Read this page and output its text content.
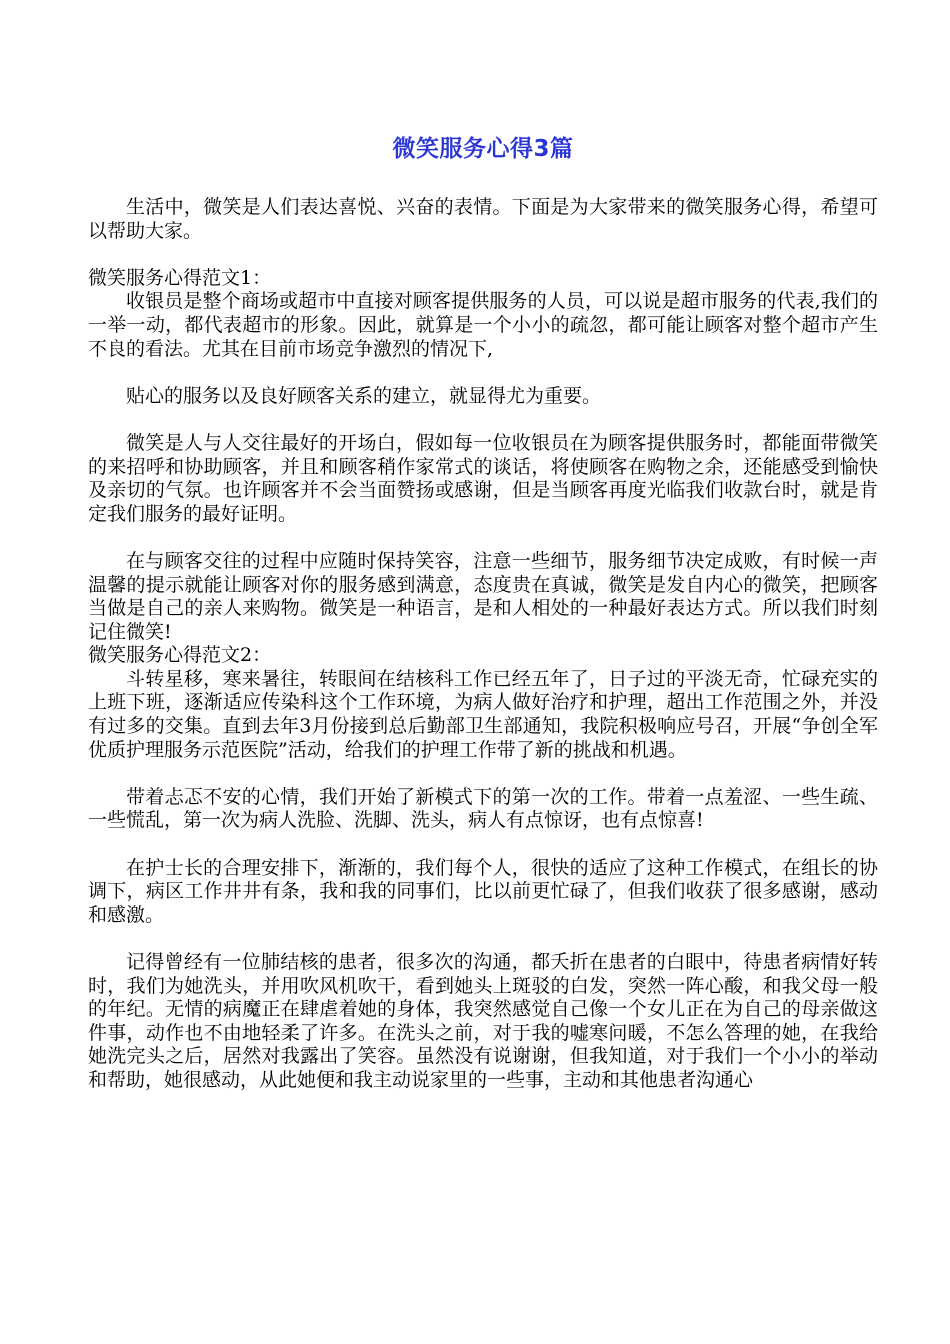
微笑服务心得3篇

生活中，微笑是人们表达喜悦、兴奋的表情。下面是为大家带来的微笑服务心得，希望可以帮助大家。

微笑服务心得范文1：

收银员是整个商场或超市中直接对顾客提供服务的人员，可以说是超市服务的代表,我们的一举一动，都代表超市的形象。因此，就算是一个小小的疏忽，都可能让顾客对整个超市产生不良的看法。尤其在目前市场竞争激烈的情况下,

贴心的服务以及良好顾客关系的建立，就显得尤为重要。

微笑是人与人交往最好的开场白，假如每一位收银员在为顾客提供服务时，都能面带微笑的来招呼和协助顾客，并且和顾客稍作家常式的谈话，将使顾客在购物之余，还能感受到愉快及亲切的气氛。也许顾客并不会当面赞扬或感谢，但是当顾客再度光临我们收款台时，就是肯定我们服务的最好证明。

在与顾客交往的过程中应随时保持笑容，注意一些细节，服务细节决定成败，有时候一声温馨的提示就能让顾客对你的服务感到满意，态度贵在真诚，微笑是发自内心的微笑，把顾客当做是自己的亲人来购物。微笑是一种语言，是和人相处的一种最好表达方式。所以我们时刻记住微笑!

微笑服务心得范文2：

斗转星移，寒来暑往，转眼间在结核科工作已经五年了，日子过的平淡无奇，忙碌充实的上班下班，逐渐适应传染科这个工作环境，为病人做好治疗和护理，超出工作范围之外，并没有过多的交集。直到去年3月份接到总后勤部卫生部通知，我院积极响应号召，开展“争创全军优质护理服务示范医院”活动，给我们的护理工作带了新的挑战和机遇。

带着忐忑不安的心情，我们开始了新模式下的第一次的工作。带着一点羞涩、一些生疏、一些慌乱，第一次为病人洗脸、洗脚、洗头，病人有点惊讶，也有点惊喜!

在护士长的合理安排下，渐渐的，我们每个人，很快的适应了这种工作模式，在组长的协调下，病区工作井井有条，我和我的同事们，比以前更忙碌了，但我们收获了很多感谢，感动和感激。

记得曾经有一位肺结核的患者，很多次的沟通，都夭折在患者的白眼中，待患者病情好转时，我们为她洗头，并用吹风机吹干，看到她头上斑驳的白发，突然一阵心酸，和我父母一般的年纪。无情的病魔正在肆虐着她的身体，我突然感觉自己像一个女儿正在为自己的母亲做这件事，动作也不由地轻柔了许多。在洗头之前，对于我的嘘寒问暖，不怎么答理的她，在我给她洗完头之后，居然对我露出了笑容。虽然没有说谢谢，但我知道，对于我们一个小小的举动和帮助，她很感动，从此她便和我主动说家里的一些事，主动和其他患者沟通心
